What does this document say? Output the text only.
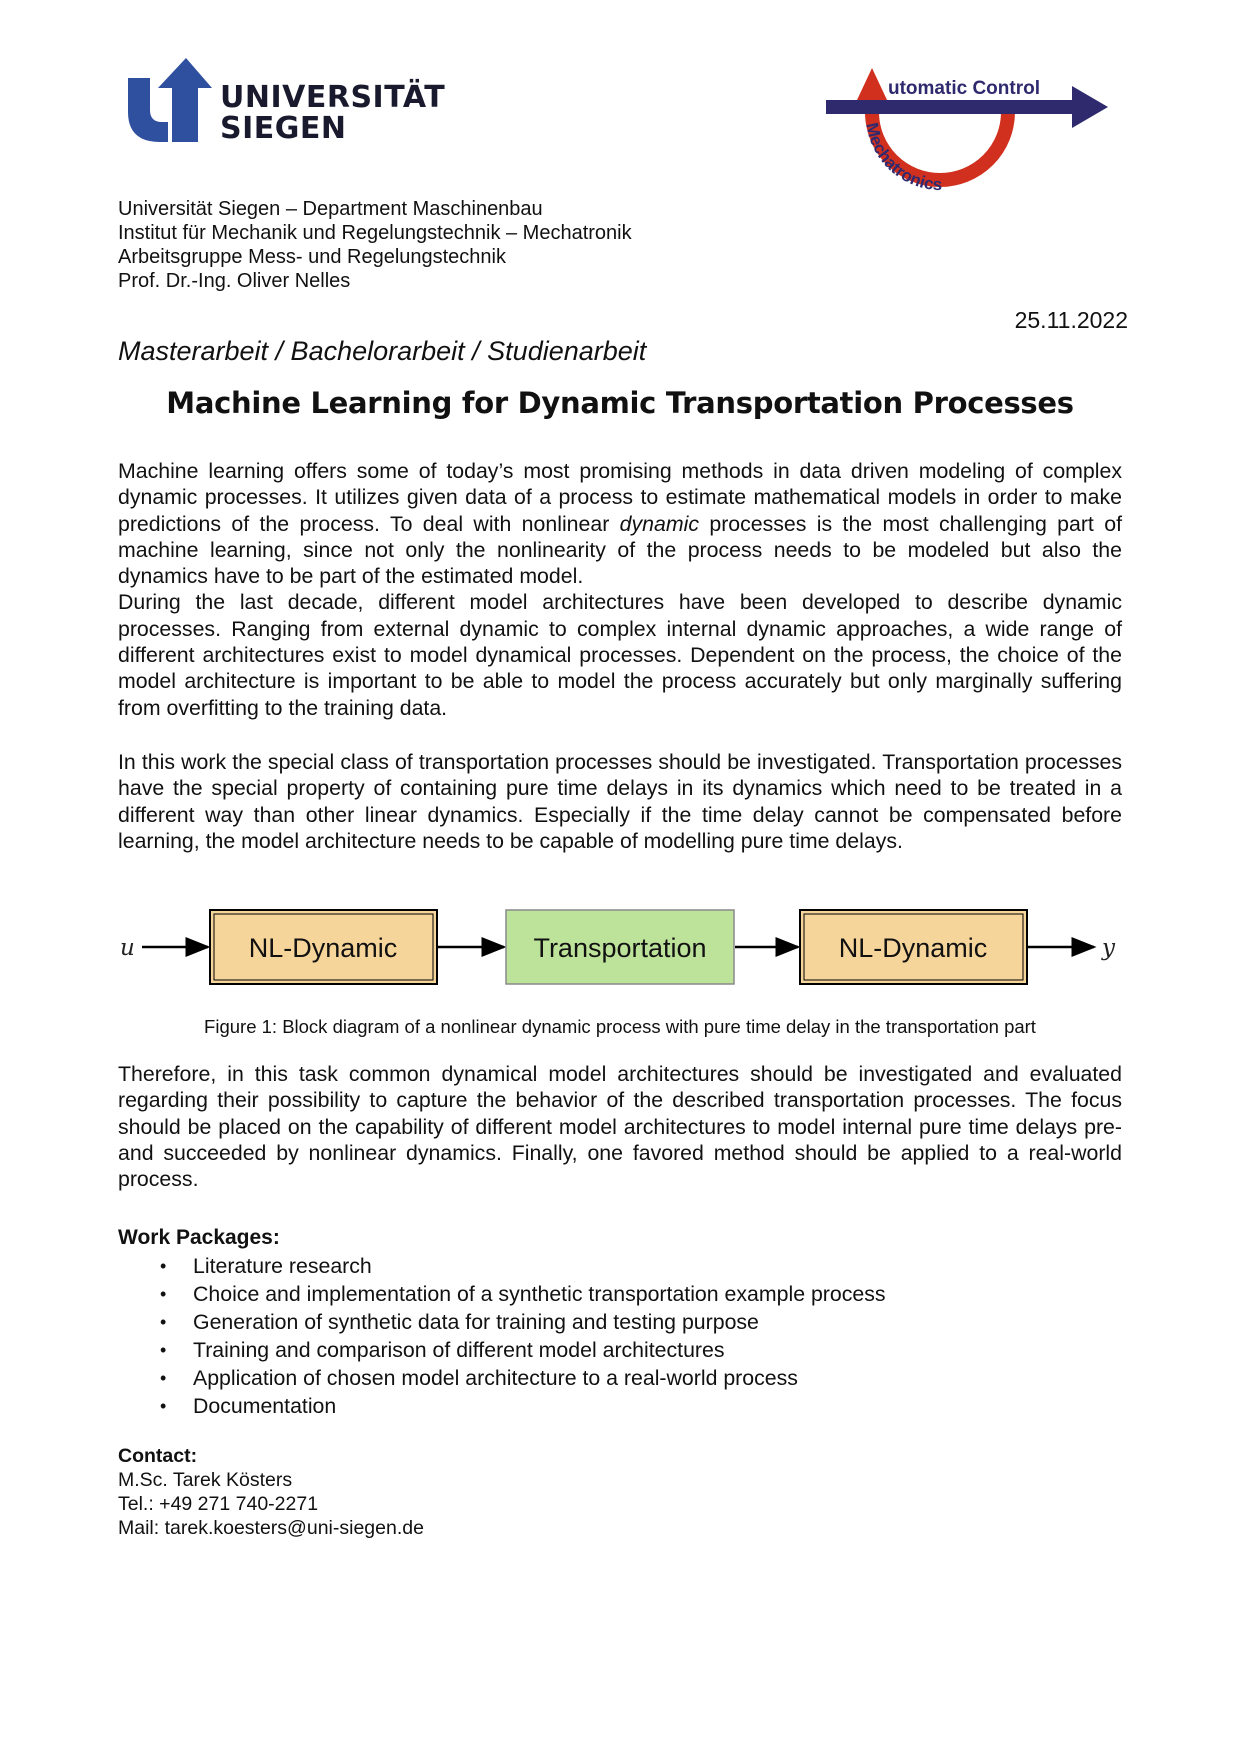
UNIVERSITÄT
SIEGEN
A utomatic Control
Mechatronics
Universität Siegen – Department Maschinenbau
Institut für Mechanik und Regelungstechnik – Mechatronik
Arbeitsgruppe Mess- und Regelungstechnik
Prof. Dr.-Ing. Oliver Nelles
25.11.2022
Masterarbeit / Bachelorarbeit / Studienarbeit
Machine Learning for Dynamic Transportation Processes

Machine learning offers some of today’s most promising methods in data driven modeling of complex dynamic processes. It utilizes given data of a process to estimate mathematical models in order to make predictions of the process. To deal with nonlinear dynamic processes is the most challenging part of machine learning, since not only the nonlinearity of the process needs to be modeled but also the dynamics have to be part of the estimated model.

During the last decade, different model architectures have been developed to describe dynamic processes. Ranging from external dynamic to complex internal dynamic approaches, a wide range of different architectures exist to model dynamical processes. Dependent on the process, the choice of the model architecture is important to be able to model the process accurately but only marginally suffering from overfitting to the training data.

In this work the special class of transportation processes should be investigated. Transportation processes have the special property of containing pure time delays in its dynamics which need to be treated in a different way than other linear dynamics. Especially if the time delay cannot be compensated before learning, the model architecture needs to be capable of modelling pure time delays.

u	NL-Dynamic	Transportation	NL-Dynamic	y
Figure 1: Block diagram of a nonlinear dynamic process with pure time delay in the transportation part

Therefore, in this task common dynamical model architectures should be investigated and evaluated regarding their possibility to capture the behavior of the described transportation processes. The focus should be placed on the capability of different model architectures to model internal pure time delays pre- and succeeded by nonlinear dynamics. Finally, one favored method should be applied to a real-world process.

Work Packages:
• Literature research
• Choice and implementation of a synthetic transportation example process
• Generation of synthetic data for training and testing purpose
• Training and comparison of different model architectures
• Application of chosen model architecture to a real-world process
• Documentation
Contact:
M.Sc. Tarek Kösters
Tel.: +49 271 740-2271
Mail: tarek.koesters@uni-siegen.de
